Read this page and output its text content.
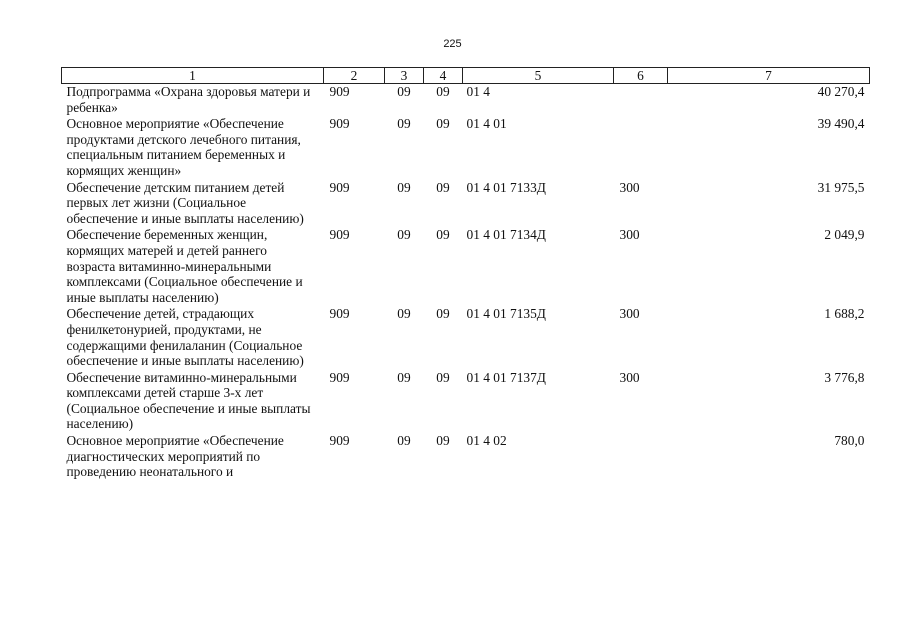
225
1	2	3	4	5	6	7
Подпрограмма «Охрана здоровья матери и ребенка»	909	09	09	01 4		40 270,4
Основное мероприятие «Обеспечение продуктами детского лечебного питания, специальным питанием беременных и кормящих женщин»	909	09	09	01 4 01		39 490,4
Обеспечение детским питанием детей первых лет жизни (Социальное обеспечение и иные выплаты населению)	909	09	09	01 4 01 7133Д	300	31 975,5
Обеспечение беременных женщин, кормящих матерей и детей раннего возраста витаминно-минеральными комплексами (Социальное обеспечение и иные выплаты населению)	909	09	09	01 4 01 7134Д	300	2 049,9
Обеспечение детей, страдающих фенилкетонурией, продуктами, не содержащими фенилаланин (Социальное обеспечение и иные выплаты населению)	909	09	09	01 4 01 7135Д	300	1 688,2
Обеспечение витаминно-минеральными комплексами детей старше 3-х лет (Социальное обеспечение и иные выплаты населению)	909	09	09	01 4 01 7137Д	300	3 776,8
Основное мероприятие «Обеспечение диагностических мероприятий по проведению неонатального и	909	09	09	01 4 02		780,0
